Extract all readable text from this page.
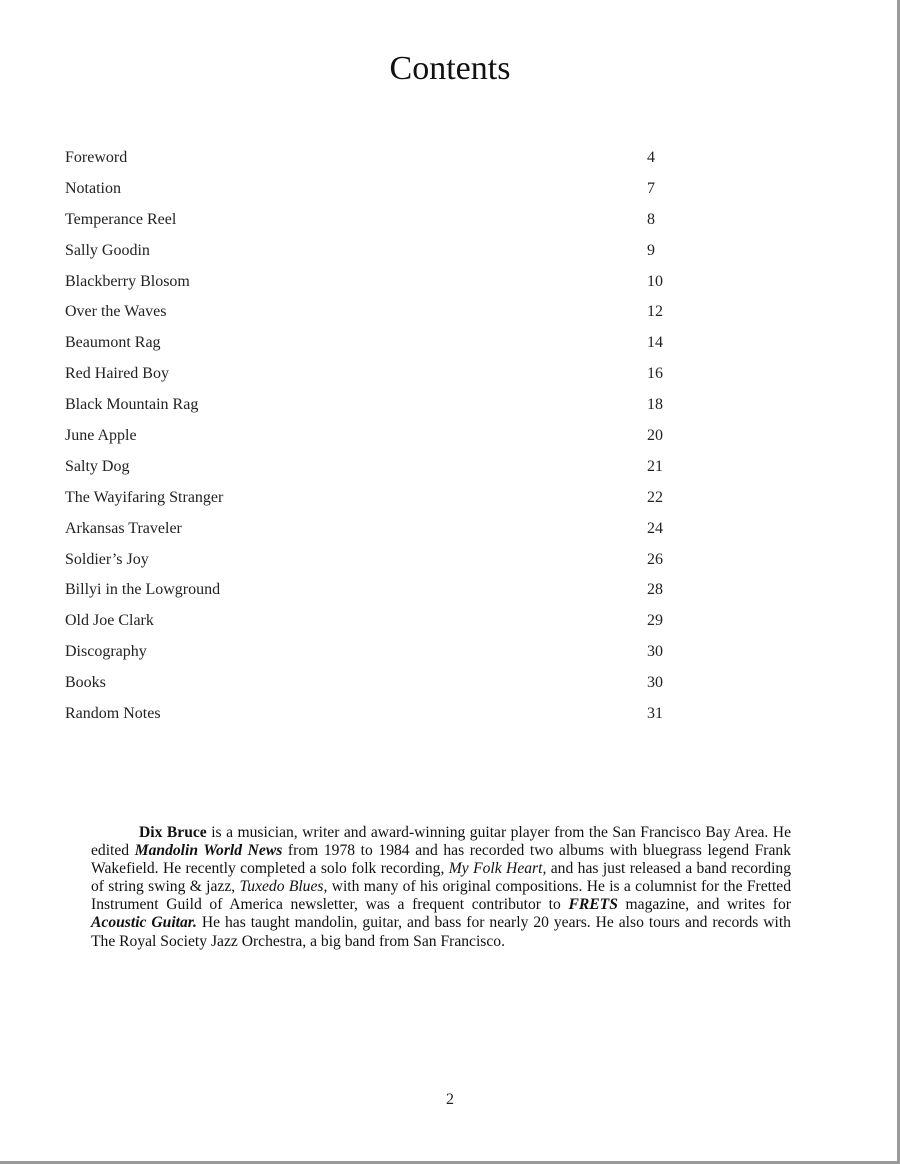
Contents
Foreword	4
Notation	7
Temperance Reel	8
Sally Goodin	9
Blackberry Blosom	10
Over the Waves	12
Beaumont Rag	14
Red Haired Boy	16
Black Mountain Rag	18
June Apple	20
Salty Dog	21
The Wayifaring Stranger	22
Arkansas Traveler	24
Soldier’s Joy	26
Billyi in the Lowground	28
Old Joe Clark	29
Discography	30
Books	30
Random Notes	31
Dix Bruce is a musician, writer and award-winning guitar player from the San Francisco Bay Area. He edited Mandolin World News from 1978 to 1984 and has recorded two albums with bluegrass legend Frank Wakefield. He recently completed a solo folk recording, My Folk Heart, and has just released a band recording of string swing & jazz, Tuxedo Blues, with many of his original compositions. He is a columnist for the Fretted Instrument Guild of America newsletter, was a frequent contributor to FRETS magazine, and writes for Acoustic Guitar. He has taught mandolin, guitar, and bass for nearly 20 years. He also tours and records with The Royal Society Jazz Orchestra, a big band from San Francisco.
2
